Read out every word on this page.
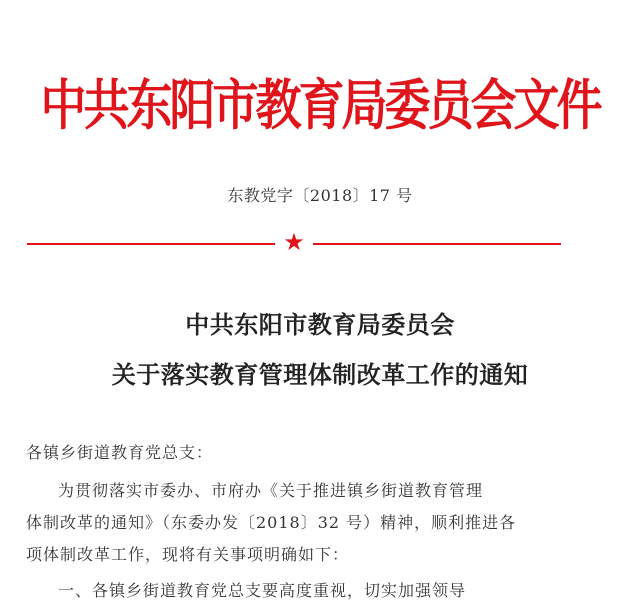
中共东阳市教育局委员会文件
东教党字〔2018〕17 号
★
中共东阳市教育局委员会
关于落实教育管理体制改革工作的通知
各镇乡街道教育党总支：
为贯彻落实市委办、市府办《关于推进镇乡街道教育管理
体制改革的通知》（东委办发〔2018〕32 号）精神，顺利推进各
项体制改革工作，现将有关事项明确如下：
一、各镇乡街道教育党总支要高度重视，切实加强领导
